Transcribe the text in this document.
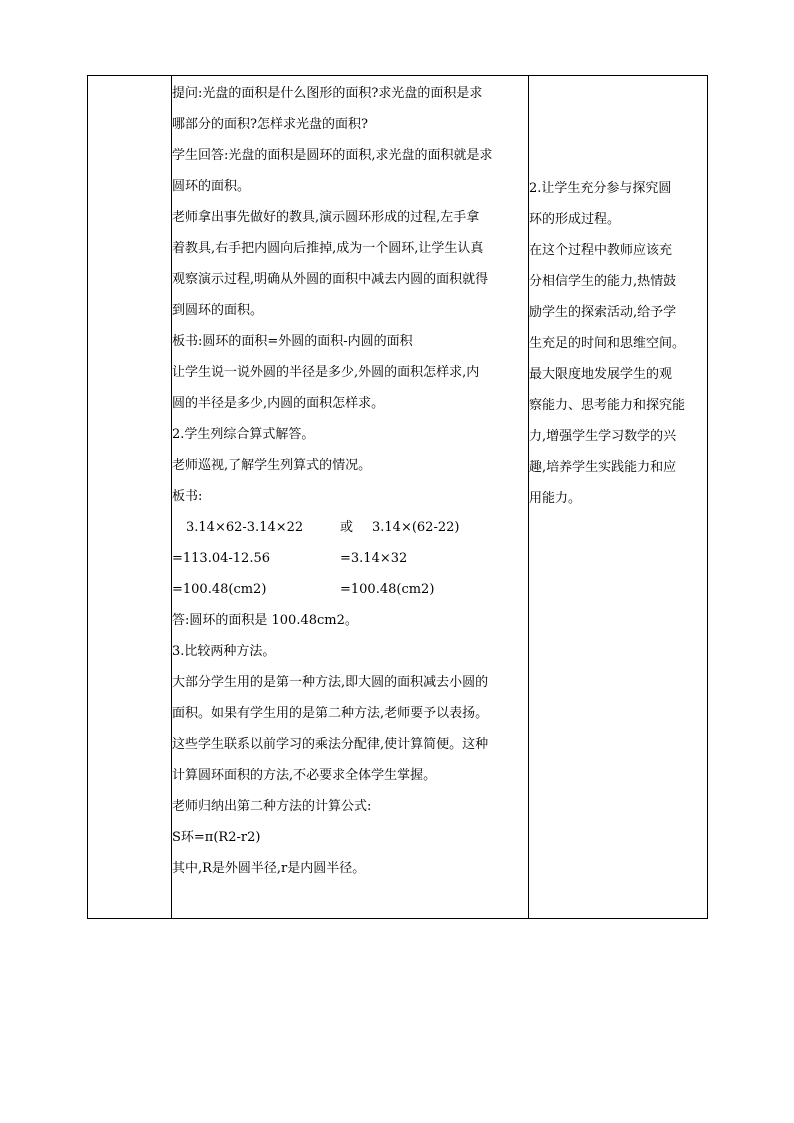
提问:光盘的面积是什么图形的面积?求光盘的面积是求
哪部分的面积?怎样求光盘的面积?
学生回答:光盘的面积是圆环的面积,求光盘的面积就是求
圆环的面积。
老师拿出事先做好的教具,演示圆环形成的过程,左手拿
着教具,右手把内圆向后推掉,成为一个圆环,让学生认真
观察演示过程,明确从外圆的面积中减去内圆的面积就得
到圆环的面积。
板书:圆环的面积=外圆的面积-内圆的面积
让学生说一说外圆的半径是多少,外圆的面积怎样求,内
圆的半径是多少,内圆的面积怎样求。
2.学生列综合算式解答。
老师巡视,了解学生列算式的情况。
板书:
3.14×62-3.14×22	或	3.14×(62-22)
=113.04-12.56	=3.14×32
=100.48(cm2)	=100.48(cm2)
答:圆环的面积是 100.48cm2。
3.比较两种方法。
大部分学生用的是第一种方法,即大圆的面积减去小圆的
面积。如果有学生用的是第二种方法,老师要予以表扬。
这些学生联系以前学习的乘法分配律,使计算简便。这种
计算圆环面积的方法,不必要求全体学生掌握。
老师归纳出第二种方法的计算公式:
S环=π(R2-r2)
其中,R是外圆半径,r是内圆半径。

2.让学生充分参与探究圆
环的形成过程。
在这个过程中教师应该充
分相信学生的能力,热情鼓
励学生的探索活动,给予学
生充足的时间和思维空间。
最大限度地发展学生的观
察能力、思考能力和探究能
力,增强学生学习数学的兴
趣,培养学生实践能力和应
用能力。
